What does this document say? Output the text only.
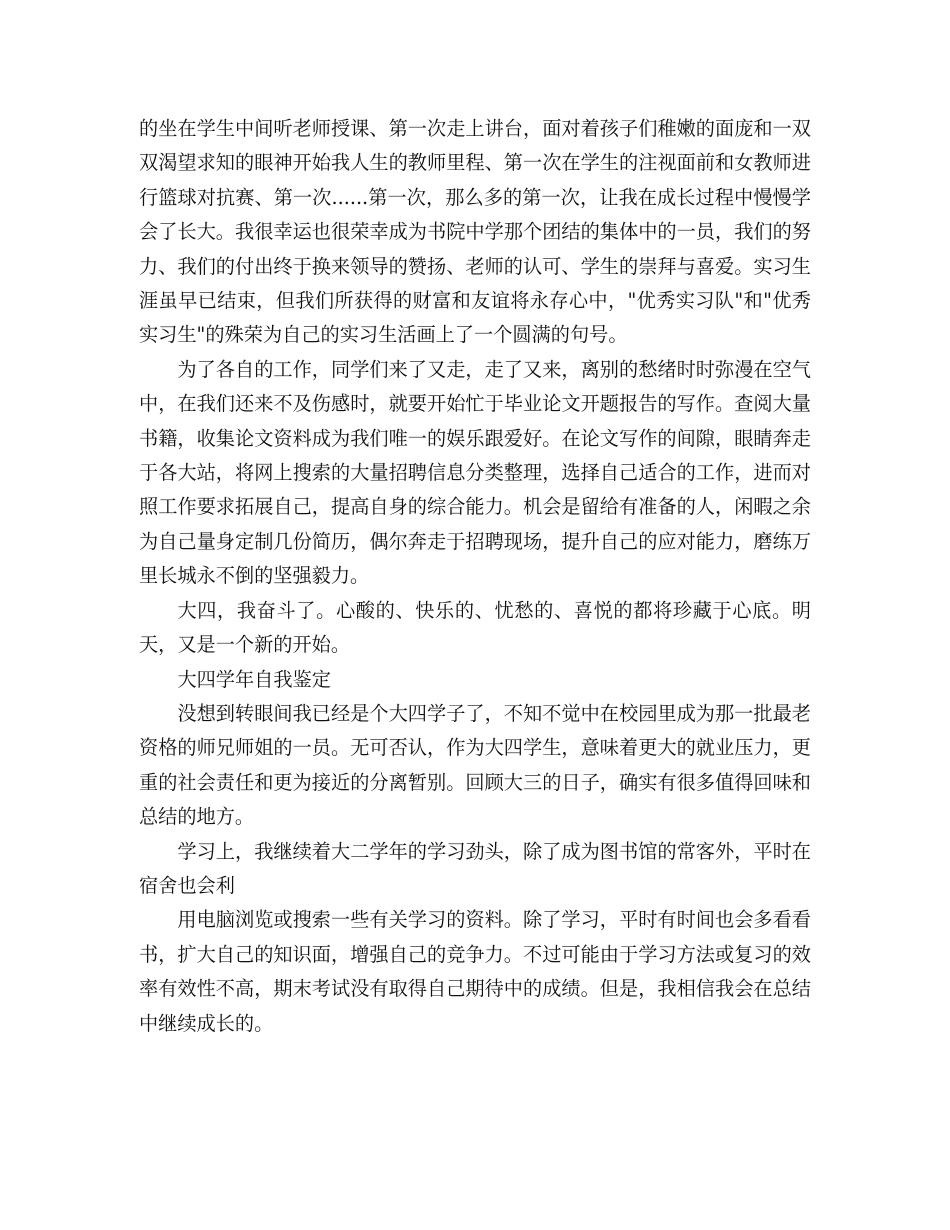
的坐在学生中间听老师授课、第一次走上讲台，面对着孩子们稚嫩的面庞和一双双渴望求知的眼神开始我人生的教师里程、第一次在学生的注视面前和女教师进行篮球对抗赛、第一次......第一次，那么多的第一次，让我在成长过程中慢慢学会了长大。我很幸运也很荣幸成为书院中学那个团结的集体中的一员，我们的努力、我们的付出终于换来领导的赞扬、老师的认可、学生的崇拜与喜爱。实习生涯虽早已结束，但我们所获得的财富和友谊将永存心中，"优秀实习队"和"优秀实习生"的殊荣为自己的实习生活画上了一个圆满的句号。

为了各自的工作，同学们来了又走，走了又来，离别的愁绪时时弥漫在空气中，在我们还来不及伤感时，就要开始忙于毕业论文开题报告的写作。查阅大量书籍，收集论文资料成为我们唯一的娱乐跟爱好。在论文写作的间隙，眼睛奔走于各大站，将网上搜索的大量招聘信息分类整理，选择自己适合的工作，进而对照工作要求拓展自己，提高自身的综合能力。机会是留给有准备的人，闲暇之余为自己量身定制几份简历，偶尔奔走于招聘现场，提升自己的应对能力，磨练万里长城永不倒的坚强毅力。

大四，我奋斗了。心酸的、快乐的、忧愁的、喜悦的都将珍藏于心底。明天，又是一个新的开始。

大四学年自我鉴定

没想到转眼间我已经是个大四学子了，不知不觉中在校园里成为那一批最老资格的师兄师姐的一员。无可否认，作为大四学生，意味着更大的就业压力，更重的社会责任和更为接近的分离暂别。回顾大三的日子，确实有很多值得回味和总结的地方。

学习上，我继续着大二学年的学习劲头，除了成为图书馆的常客外，平时在宿舍也会利

用电脑浏览或搜索一些有关学习的资料。除了学习，平时有时间也会多看看书，扩大自己的知识面，增强自己的竞争力。不过可能由于学习方法或复习的效率有效性不高，期末考试没有取得自己期待中的成绩。但是，我相信我会在总结中继续成长的。
